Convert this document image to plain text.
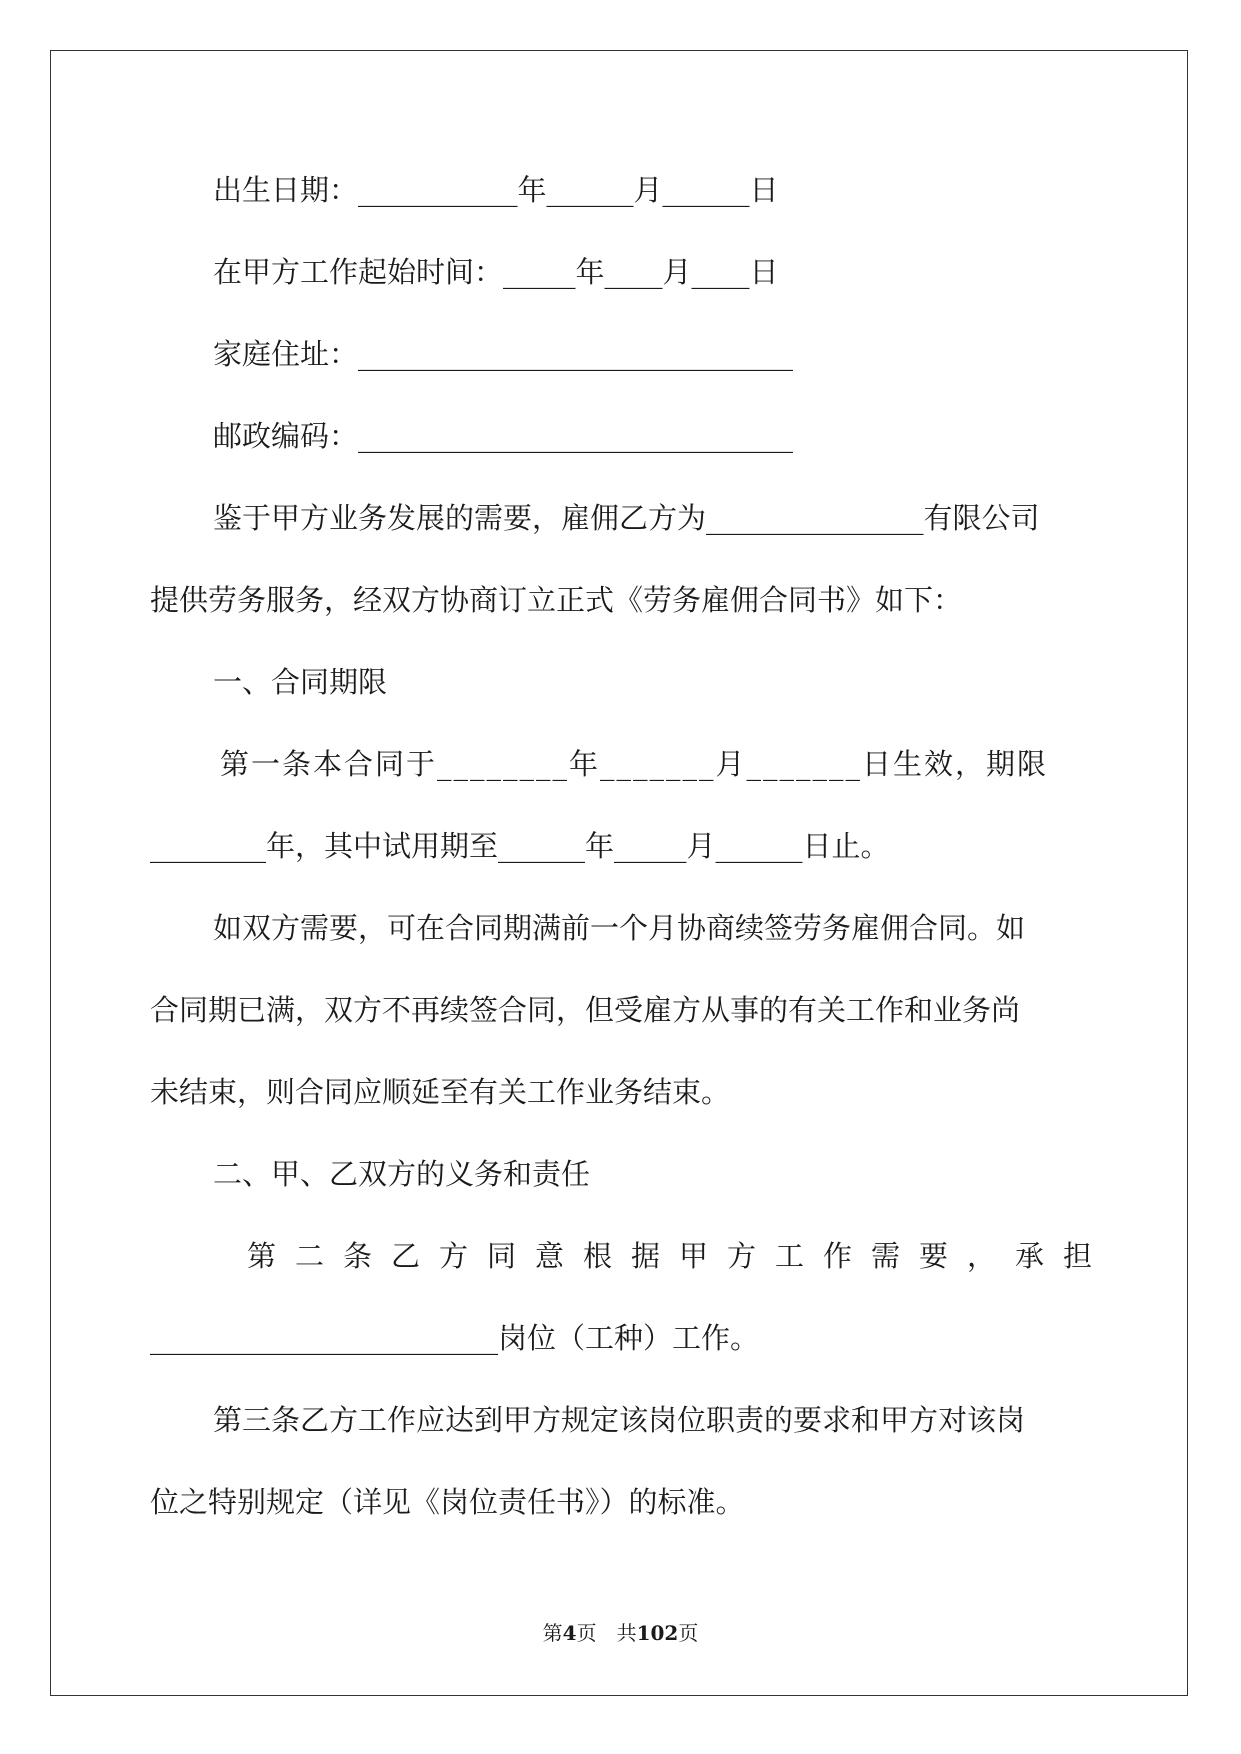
出生日期：___________年______月______日
在甲方工作起始时间：_____年____月____日
家庭住址：______________________________
邮政编码：______________________________
鉴于甲方业务发展的需要，雇佣乙方为_______________有限公司
提供劳务服务，经双方协商订立正式《劳务雇佣合同书》如下：
一、合同期限
第一条本合同于________年_______月_______日生效，期限
________年，其中试用期至______年_____月______日止。
如双方需要，可在合同期满前一个月协商续签劳务雇佣合同。如
合同期已满，双方不再续签合同，但受雇方从事的有关工作和业务尚
未结束，则合同应顺延至有关工作业务结束。
二、甲、乙双方的义务和责任
第二条乙方同意根据甲方工作需要，承担
________________________岗位（工种）工作。
第三条乙方工作应达到甲方规定该岗位职责的要求和甲方对该岗
位之特别规定（详见《岗位责任书》）的标准。
第4页　共102页
